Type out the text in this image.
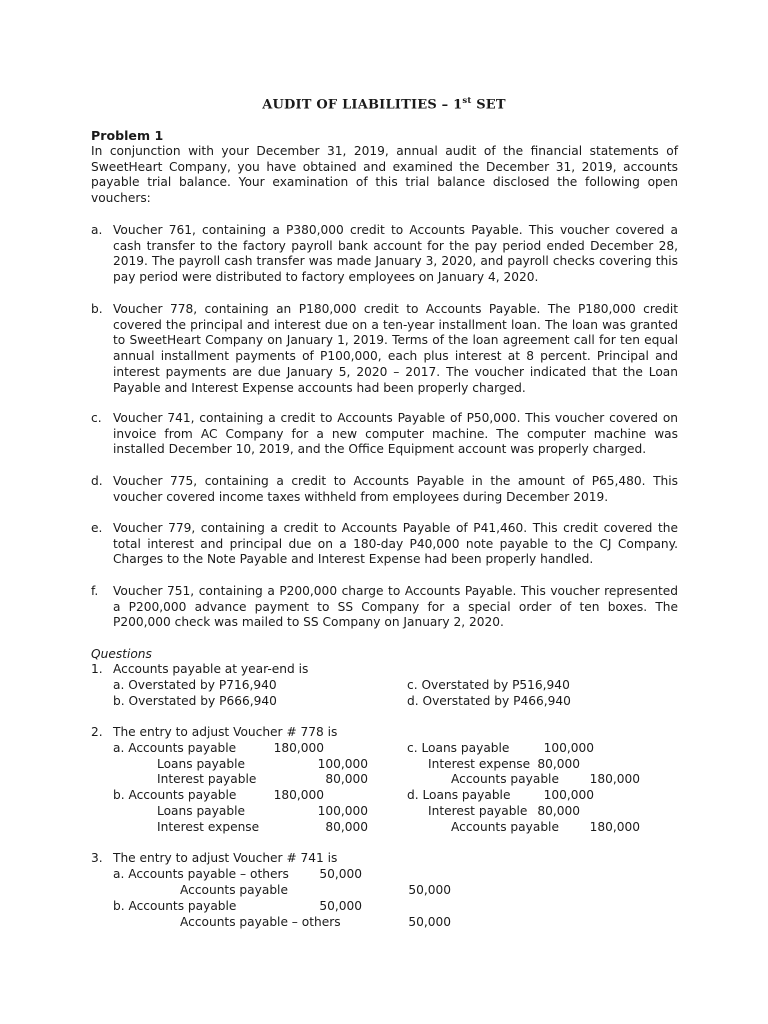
AUDIT OF LIABILITIES – 1st SET
Problem 1
In conjunction with your December 31, 2019, annual audit of the financial statements of SweetHeart Company, you have obtained and examined the December 31, 2019, accounts payable trial balance. Your examination of this trial balance disclosed the following open vouchers:
a. Voucher 761, containing a P380,000 credit to Accounts Payable. This voucher covered a cash transfer to the factory payroll bank account for the pay period ended December 28, 2019. The payroll cash transfer was made January 3, 2020, and payroll checks covering this pay period were distributed to factory employees on January 4, 2020.
b. Voucher 778, containing an P180,000 credit to Accounts Payable. The P180,000 credit covered the principal and interest due on a ten-year installment loan. The loan was granted to SweetHeart Company on January 1, 2019. Terms of the loan agreement call for ten equal annual installment payments of P100,000, each plus interest at 8 percent. Principal and interest payments are due January 5, 2020 – 2017. The voucher indicated that the Loan Payable and Interest Expense accounts had been properly charged.
c. Voucher 741, containing a credit to Accounts Payable of P50,000. This voucher covered on invoice from AC Company for a new computer machine. The computer machine was installed December 10, 2019, and the Office Equipment account was properly charged.
d. Voucher 775, containing a credit to Accounts Payable in the amount of P65,480. This voucher covered income taxes withheld from employees during December 2019.
e. Voucher 779, containing a credit to Accounts Payable of P41,460. This credit covered the total interest and principal due on a 180-day P40,000 note payable to the CJ Company. Charges to the Note Payable and Interest Expense had been properly handled.
f. Voucher 751, containing a P200,000 charge to Accounts Payable. This voucher represented a P200,000 advance payment to SS Company for a special order of ten boxes. The P200,000 check was mailed to SS Company on January 2, 2020.
Questions
1. Accounts payable at year-end is
a. Overstated by P716,940
b. Overstated by P666,940
c. Overstated by P516,940
d. Overstated by P466,940
2. The entry to adjust Voucher # 778 is
a. Accounts payable	180,000
Loans payable	100,000
Interest payable	80,000
b. Accounts payable	180,000
Loans payable	100,000
Interest expense	80,000
c. Loans payable	100,000
Interest expense 80,000
Accounts payable	180,000
d. Loans payable	100,000
Interest payable 80,000
Accounts payable	180,000
3. The entry to adjust Voucher # 741 is
a. Accounts payable – others	50,000
Accounts payable	50,000
b. Accounts payable	50,000
Accounts payable – others	50,000
